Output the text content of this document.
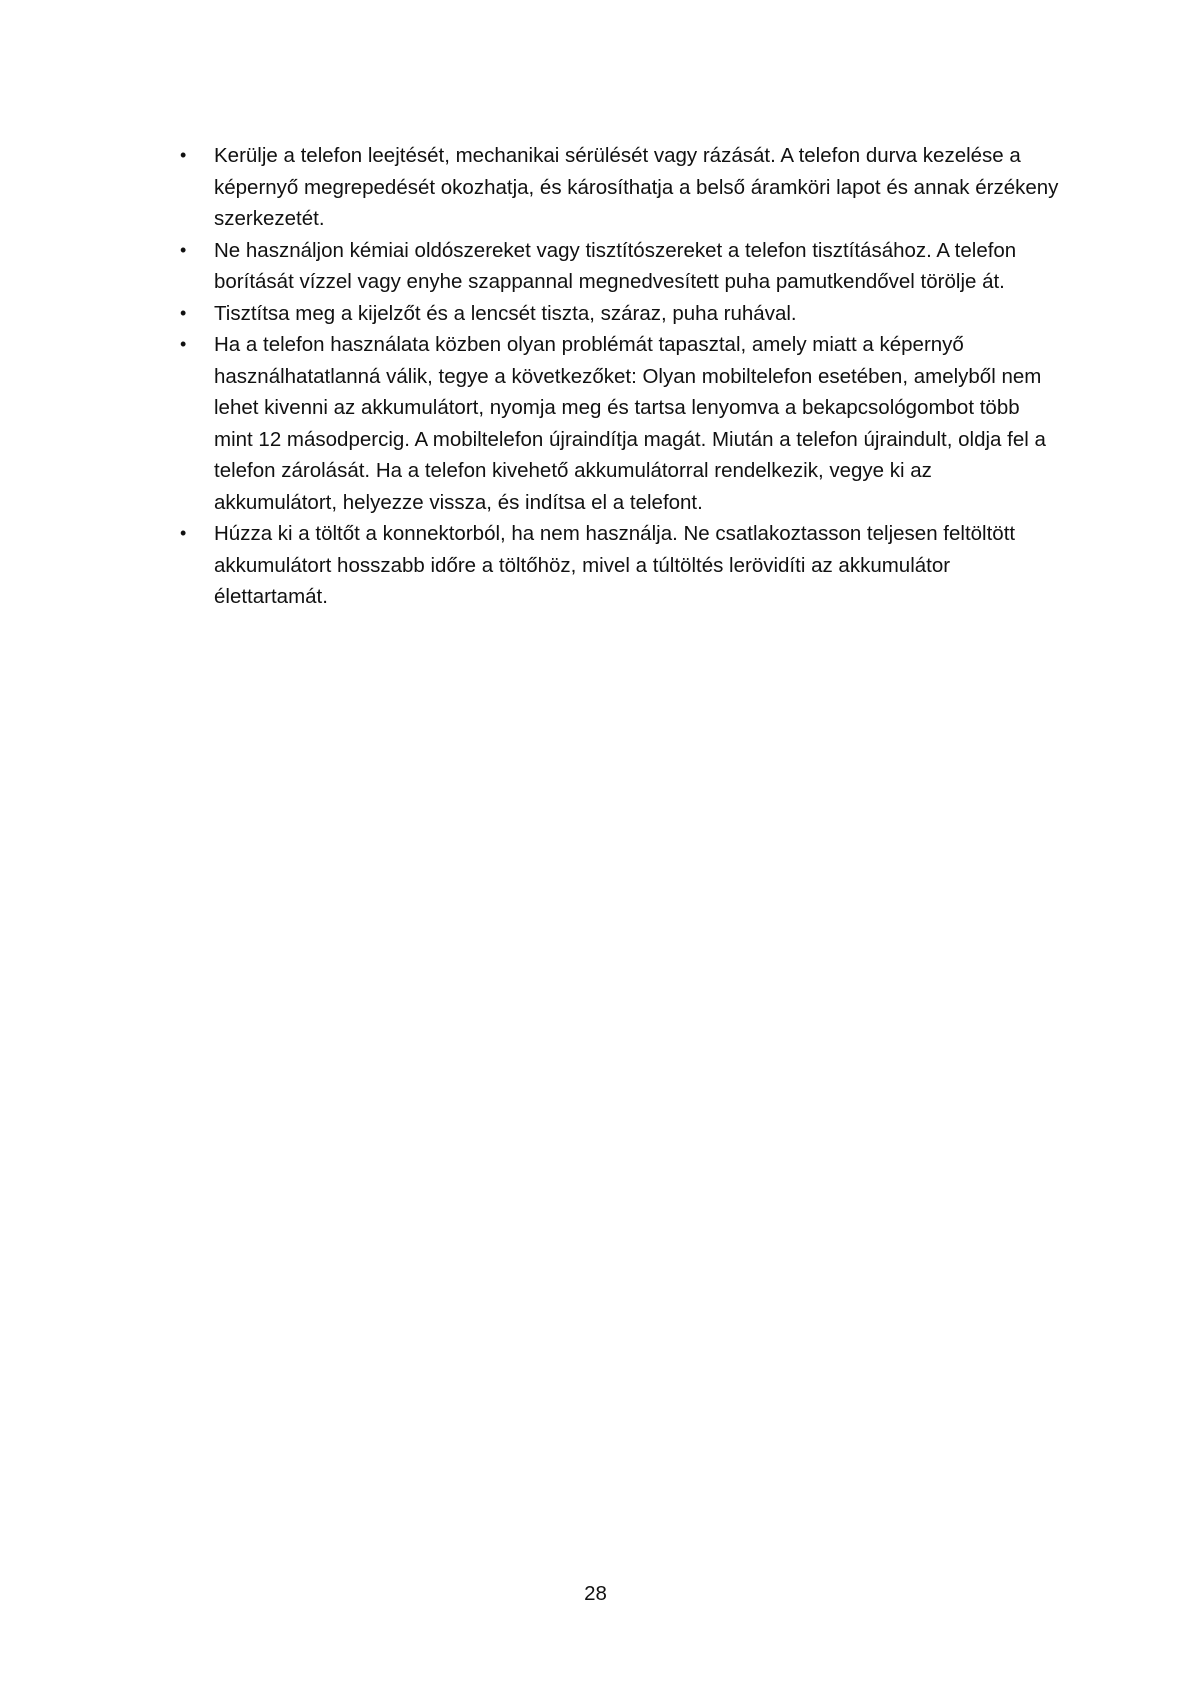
•	Kerülje a telefon leejtését, mechanikai sérülését vagy rázását. A telefon durva kezelése a képernyő megrepedését okozhatja, és károsíthatja a belső áramköri lapot és annak érzékeny szerkezetét.
•	Ne használjon kémiai oldószereket vagy tisztítószereket a telefon tisztításához. A telefon borítását vízzel vagy enyhe szappannal megnedvesített puha pamutkendővel törölje át.
•	Tisztítsa meg a kijelzőt és a lencsét tiszta, száraz, puha ruhával.
•	Ha a telefon használata közben olyan problémát tapasztal, amely miatt a képernyő használhatatlanná válik, tegye a következőket: Olyan mobiltelefon esetében, amelyből nem lehet kivenni az akkumulátort, nyomja meg és tartsa lenyomva a bekapcsológombot több mint 12 másodpercig. A mobiltelefon újraindítja magát. Miután a telefon újraindult, oldja fel a telefon zárolását. Ha a telefon kivehető akkumulátorral rendelkezik, vegye ki az akkumulátort, helyezze vissza, és indítsa el a telefont.
•	Húzza ki a töltőt a konnektorból, ha nem használja. Ne csatlakoztasson teljesen feltöltött akkumulátort hosszabb időre a töltőhöz, mivel a túltöltés lerövidíti az akkumulátor élettartamát.
28
